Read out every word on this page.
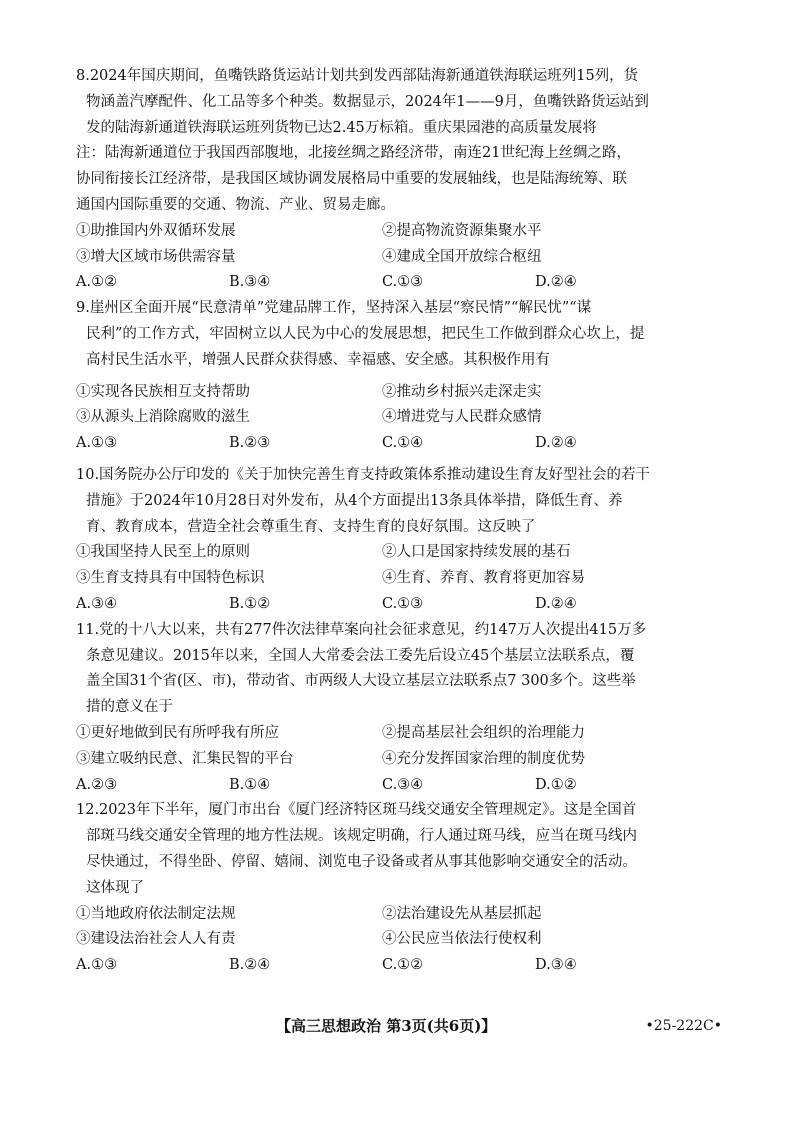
8.2024年国庆期间，鱼嘴铁路货运站计划共到发西部陆海新通道铁海联运班列15列，货

物涵盖汽摩配件、化工品等多个种类。数据显示，2024年1——9月，鱼嘴铁路货运站到

发的陆海新通道铁海联运班列货物已达2.45万标箱。重庆果园港的高质量发展将

注：陆海新通道位于我国西部腹地，北接丝绸之路经济带，南连21世纪海上丝绸之路，

协同衔接长江经济带，是我国区域协调发展格局中重要的发展轴线，也是陆海统筹、联

通国内国际重要的交通、物流、产业、贸易走廊。

①助推国内外双循环发展	②提高物流资源集聚水平
③增大区域市场供需容量	④建成全国开放综合枢纽
A.①②	B.③④	C.①③	D.②④

9.崖州区全面开展“民意清单”党建品牌工作，坚持深入基层“察民情”“解民忧”“谋

民利”的工作方式，牢固树立以人民为中心的发展思想，把民生工作做到群众心坎上，提

高村民生活水平，增强人民群众获得感、幸福感、安全感。其积极作用有

①实现各民族相互支持帮助	②推动乡村振兴走深走实
③从源头上消除腐败的滋生	④增进党与人民群众感情
A.①③	B.②③	C.①④	D.②④

10.国务院办公厅印发的《关于加快完善生育支持政策体系推动建设生育友好型社会的若干

措施》于2024年10月28日对外发布，从4个方面提出13条具体举措，降低生育、养

育、教育成本，营造全社会尊重生育、支持生育的良好氛围。这反映了

①我国坚持人民至上的原则	②人口是国家持续发展的基石
③生育支持具有中国特色标识	④生育、养育、教育将更加容易
A.③④	B.①②	C.①③	D.②④

11.党的十八大以来，共有277件次法律草案向社会征求意见，约147万人次提出415万多

条意见建议。2015年以来，全国人大常委会法工委先后设立45个基层立法联系点，覆

盖全国31个省(区、市)，带动省、市两级人大设立基层立法联系点7 300多个。这些举

措的意义在于

①更好地做到民有所呼我有所应	②提高基层社会组织的治理能力
③建立吸纳民意、汇集民智的平台	④充分发挥国家治理的制度优势
A.②③	B.①④	C.③④	D.①②

12.2023年下半年，厦门市出台《厦门经济特区斑马线交通安全管理规定》。这是全国首

部斑马线交通安全管理的地方性法规。该规定明确，行人通过斑马线，应当在斑马线内

尽快通过，不得坐卧、停留、嬉闹、浏览电子设备或者从事其他影响交通安全的活动。

这体现了

①当地政府依法制定法规	②法治建设先从基层抓起
③建设法治社会人人有责	④公民应当依法行使权利
A.①③	B.②④	C.①②	D.③④
【高三思想政治 第3页(共6页)】	•25-222C•
